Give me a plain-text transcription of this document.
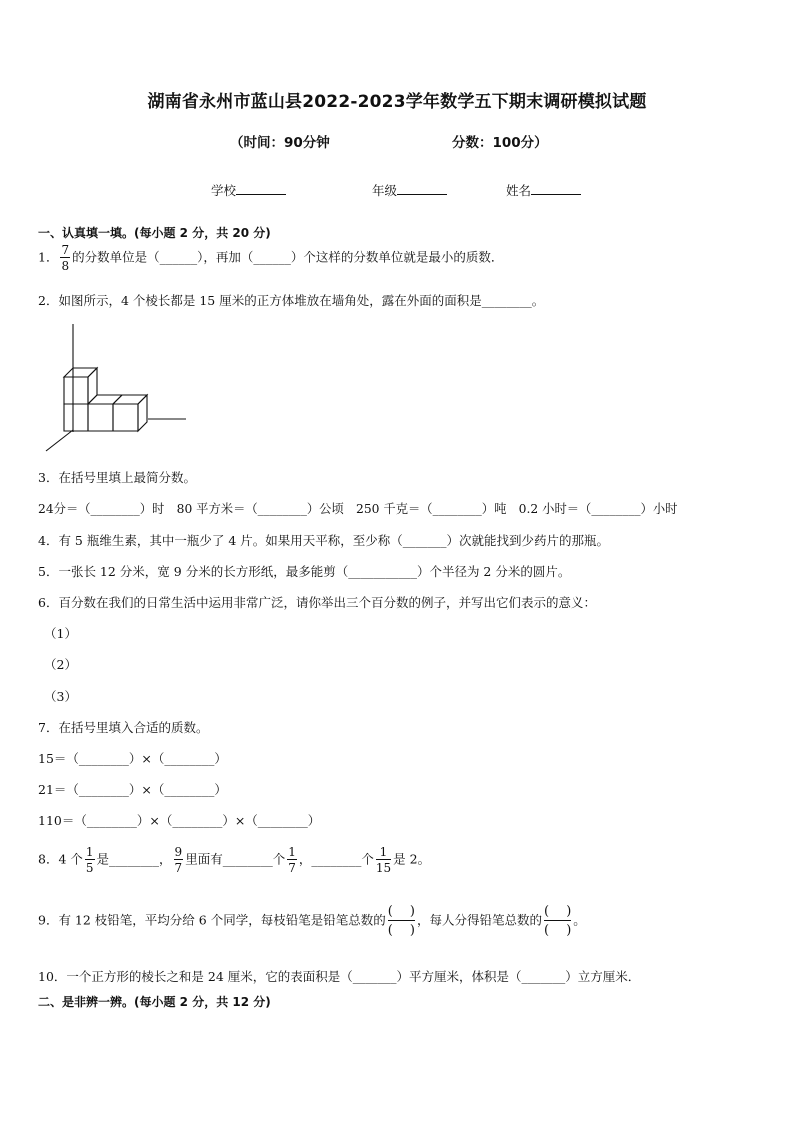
湖南省永州市蓝山县2022-2023学年数学五下期末调研模拟试题
（时间：90分钟	分数：100分）
学校	年级	姓名
一、认真填一填。(每小题 2 分，共 20 分)
1． $\frac{7}{8}$ 的分数单位是（______），再加（______）个这样的分数单位就是最小的质数．
2．如图所示，4 个棱长都是 15 厘米的正方体堆放在墙角处，露在外面的面积是________。
3．在括号里填上最简分数。
24分＝（________）时　80 平方米＝（________）公顷　250 千克＝（________）吨　0.2 小时＝（________）小时
4．有 5 瓶维生素，其中一瓶少了 4 片。如果用天平称，至少称（_______）次就能找到少药片的那瓶。
5．一张长 12 分米，宽 9 分米的长方形纸，最多能剪（___________）个半径为 2 分米的圆片。
6．百分数在我们的日常生活中运用非常广泛，请你举出三个百分数的例子，并写出它们表示的意义：
（1）
（2）
（3）
7．在括号里填入合适的质数。
15＝（________）×（________）
21＝（________）×（________）
110＝（________）×（________）×（________）
8．4 个 $\frac{1}{5}$ 是________， $\frac{9}{7}$ 里面有________个 $\frac{1}{7}$ ，________个 $\frac{1}{15}$ 是 2。
9．有 12 枝铅笔，平均分给 6 个同学，每枝铅笔是铅笔总数的
(　 )
(　 )
，每人分得铅笔总数的
(　 )
(　 )
。
10．一个正方形的棱长之和是 24 厘米，它的表面积是（_______）平方厘米，体积是（_______）立方厘米．
二、是非辨一辨。(每小题 2 分，共 12 分)
